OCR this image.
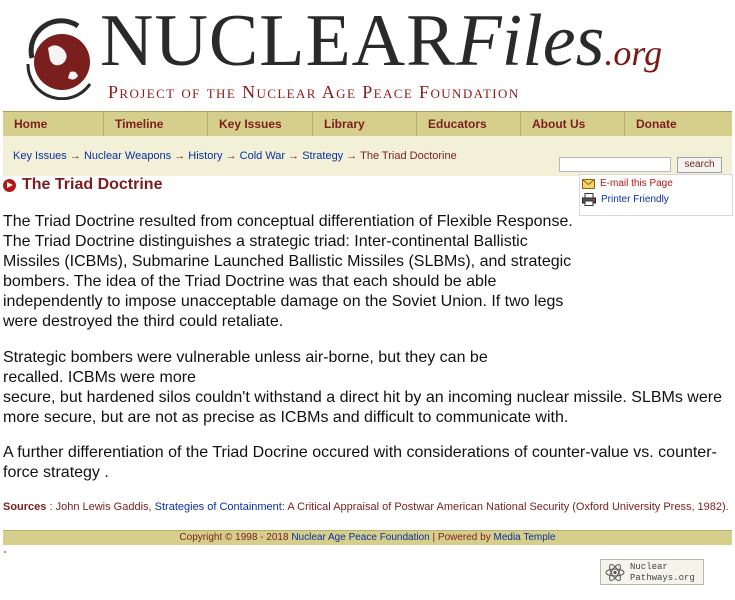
NUCLEARFiles.org
Project of the Nuclear Age Peace Foundation
Home	Timeline	Key Issues	Library	Educators	About Us	Donate
Key Issues → Nuclear Weapons → History → Cold War → Strategy → The Triad Doctorine
search
The Triad Doctrine	E-mail this Page
Printer Friendly

The Triad Doctrine resulted from conceptual differentiation of Flexible Response. The Triad Doctrine distinguishes a strategic triad: Inter-continental Ballistic Missiles (ICBMs), Submarine Launched Ballistic Missiles (SLBMs), and strategic bombers. The idea of the Triad Doctrine was that each should be able independently to impose unacceptable damage on the Soviet Union. If two legs were destroyed the third could retaliate.

Strategic bombers were vulnerable unless air-borne, but they can be
recalled. ICBMs were more
secure, but hardened silos couldn't withstand a direct hit by an incoming nuclear missile. SLBMs were more secure, but are not as precise as ICBMs and difficult to communicate with.

A further differentiation of the Triad Docrine occured with considerations of counter-value vs. counter-force strategy .

Sources : John Lewis Gaddis, Strategies of Containment: A Critical Appraisal of Postwar American National Security (Oxford University Press, 1982).
Copyright © 1998 - 2018 Nuclear Age Peace Foundation | Powered by Media Temple
Nuclear
Pathways.org
